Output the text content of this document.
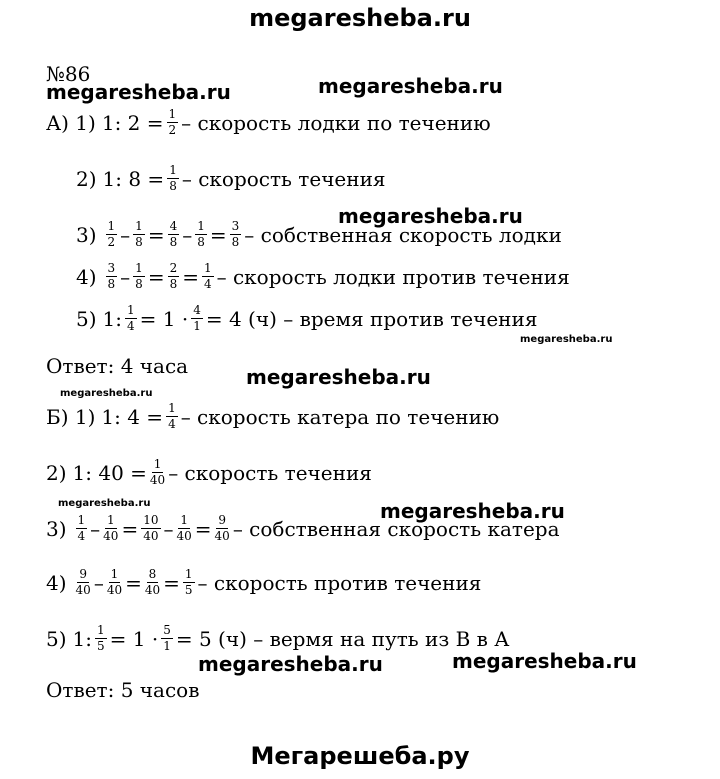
megaresheba.ru
Мегарешеба.ру
megaresheba.ru	megaresheba.ru
megaresheba.ru
megaresheba.ru
megaresheba.ru
megaresheba.ru
megaresheba.ru	megaresheba.ru
megaresheba.ru	megaresheba.ru
№86
А) 1) 1: $2 = \frac{1}{2}$ – скорость лодки по течению
2) 1: $8 = \frac{1}{8}$ – скорость течения
$3) \frac{1}{2} - \frac{1}{8} = \frac{4}{8} - \frac{1}{8} = \frac{3}{8}$ – собственная скорость лодки
$4) \frac{3}{8} - \frac{1}{8} = \frac{2}{8} = \frac{1}{4}$ – скорость лодки против течения
5) 1: $\frac{1}{4} = 1 \cdot \frac{4}{1} = 4$ (ч) – время против течения
Ответ: 4 часа
Б) 1) 1: $4 = \frac{1}{4}$ – скорость катера по течению
2) 1: $40 = \frac{1}{40}$ – скорость течения
$3) \frac{1}{4} - \frac{1}{40} = \frac{10}{40} - \frac{1}{40} = \frac{9}{40}$ – собственная скорость катера
$4) \frac{9}{40} - \frac{1}{40} = \frac{8}{40} = \frac{1}{5}$ – скорость против течения
5) 1: $\frac{1}{5} = 1 \cdot \frac{5}{1} = 5$ (ч) – вермя на путь из В в А
Ответ: 5 часов
